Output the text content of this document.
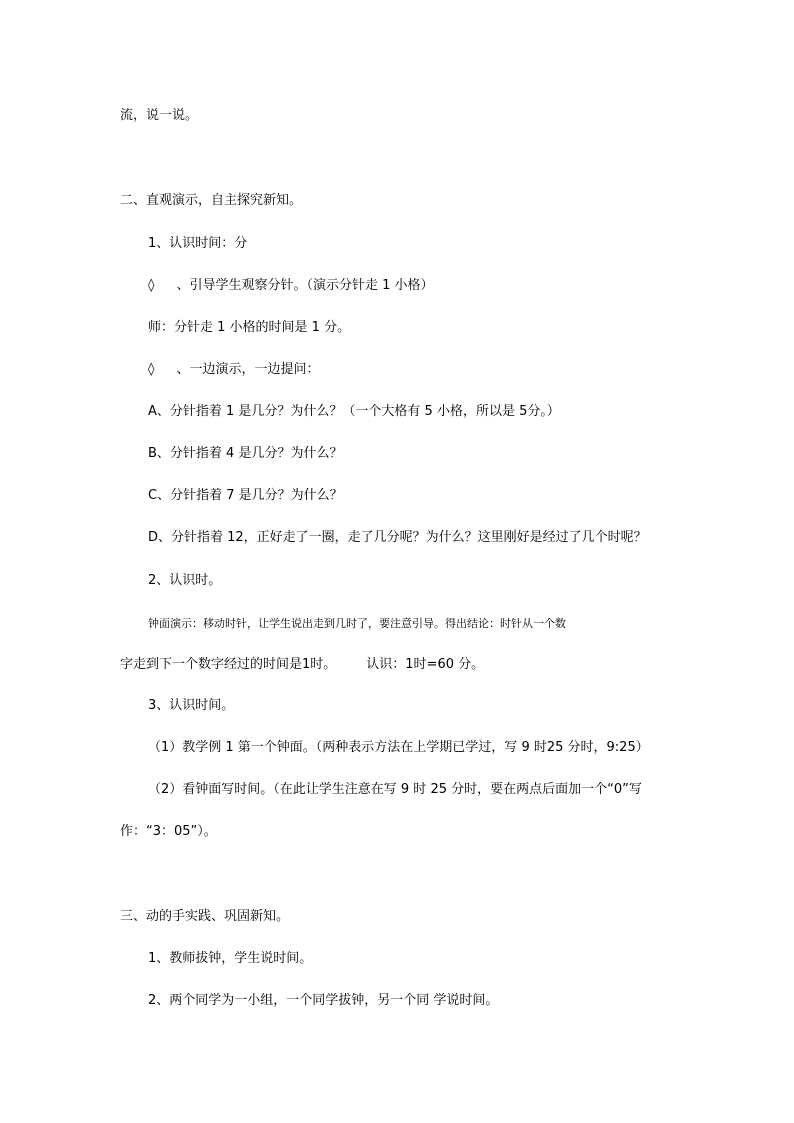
流，说一说。
二、直观演示，自主探究新知。
1、认识时间：分
◊ 、引导学生观察分针。（演示分针走 1 小格）
师：分针走 1 小格的时间是 1 分。
◊ 、一边演示，一边提问：
A、分针指着 1 是几分？为什么？（一个大格有 5 小格，所以是 5分。）
B、分针指着 4 是几分？为什么？
C、分针指着 7 是几分？为什么？
D、分针指着 12，正好走了一圈，走了几分呢？为什么？这里刚好是经过了几个时呢？
2、认识时。
钟面演示：移动时针，让学生说出走到几时了，要注意引导。得出结论：时针从一个数
字走到下一个数字经过的时间是1时。 认识：1时=60 分。
3、认识时间。
（1）教学例 1 第一个钟面。（两种表示方法在上学期已学过，写 9 时25 分时，9:25）
（2）看钟面写时间。（在此让学生注意在写 9 时 25 分时，要在两点后面加一个“0”写
作：“3：05”）。
三、动的手实践、巩固新知。
1、教师拔钟，学生说时间。
2、两个同学为一小组，一个同学拔钟，另一个同 学说时间。
